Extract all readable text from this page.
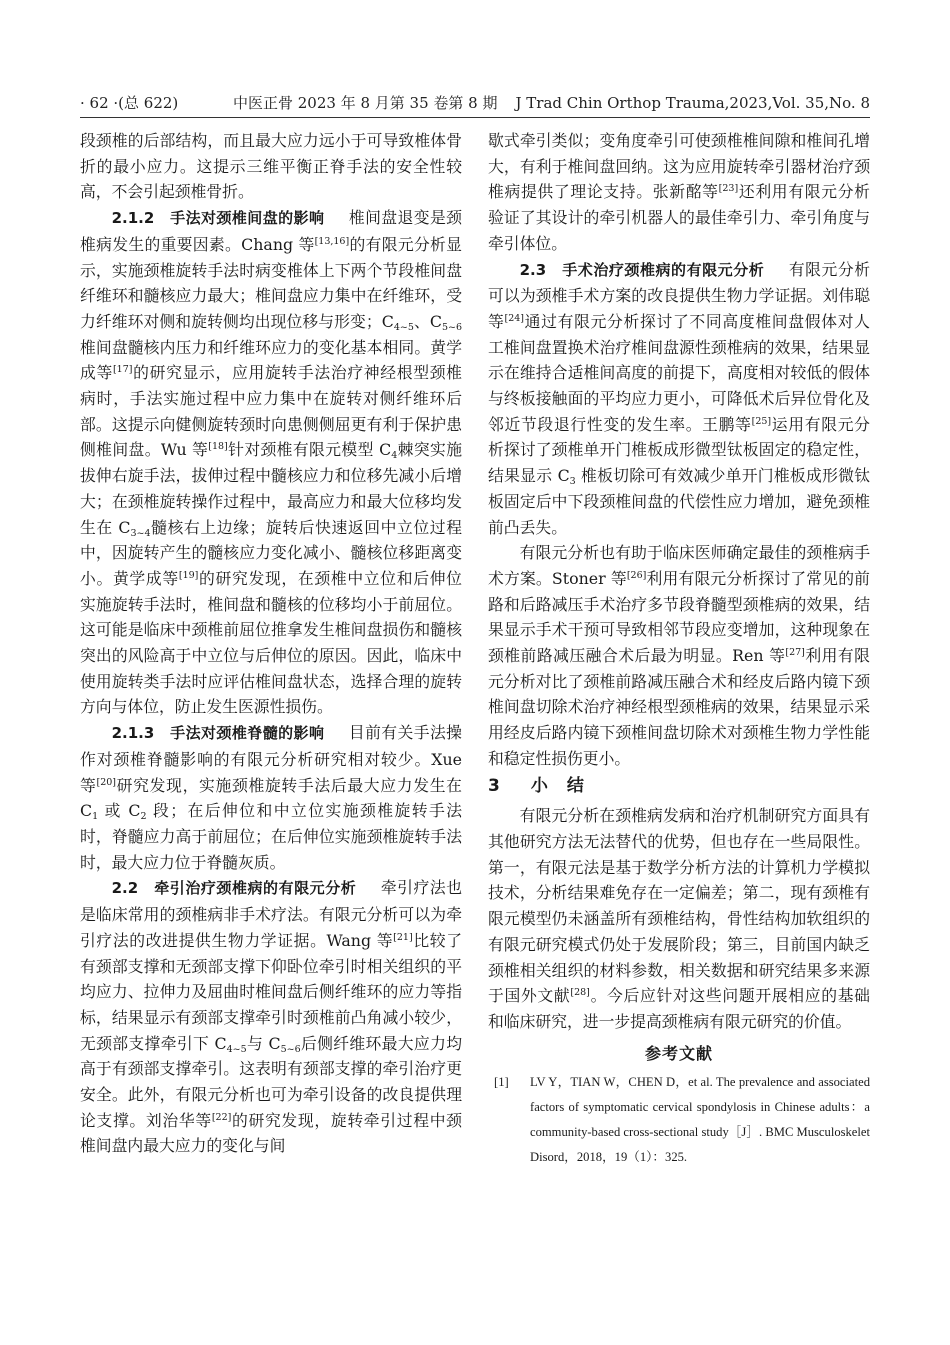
· 62 ·(总 622)	中医正骨 2023 年 8 月第 35 卷第 8 期 J Trad Chin Orthop Trauma,2023,Vol. 35,No. 8

段颈椎的后部结构，而且最大应力远小于可导致椎体骨折的最小应力。这提示三维平衡正脊手法的安全性较高，不会引起颈椎骨折。

2.1.2　手法对颈椎间盘的影响 椎间盘退变是颈椎病发生的重要因素。Chang 等[13,16]的有限元分析显示，实施颈椎旋转手法时病变椎体上下两个节段椎间盘纤维环和髓核应力最大；椎间盘应力集中在纤维环，受力纤维环对侧和旋转侧均出现位移与形变；$C_{4\sim 5}$、$C_{5\sim 6}$椎间盘髓核内压力和纤维环应力的变化基本相同。黄学成等[17]的研究显示，应用旋转手法治疗神经根型颈椎病时，手法实施过程中应力集中在旋转对侧纤维环后部。这提示向健侧旋转颈时向患侧侧屈更有利于保护患侧椎间盘。Wu 等[18]针对颈椎有限元模型 $C_4$棘突实施拔伸右旋手法，拔伸过程中髓核应力和位移先减小后增大；在颈椎旋转操作过程中，最高应力和最大位移均发生在 $C_{3\sim 4}$髓核右上边缘；旋转后快速返回中立位过程中，因旋转产生的髓核应力变化减小、髓核位移距离变小。黄学成等[19]的研究发现，在颈椎中立位和后伸位实施旋转手法时，椎间盘和髓核的位移均小于前屈位。这可能是临床中颈椎前屈位推拿发生椎间盘损伤和髓核突出的风险高于中立位与后伸位的原因。因此，临床中使用旋转类手法时应评估椎间盘状态，选择合理的旋转方向与体位，防止发生医源性损伤。

2.1.3　手法对颈椎脊髓的影响 目前有关手法操作对颈椎脊髓影响的有限元分析研究相对较少。Xue 等[20]研究发现，实施颈椎旋转手法后最大应力发生在 $C_1$ 或 $C_2$ 段；在后伸位和中立位实施颈椎旋转手法时，脊髓应力高于前屈位；在后伸位实施颈椎旋转手法时，最大应力位于脊髓灰质。

2.2　牵引治疗颈椎病的有限元分析 牵引疗法也是临床常用的颈椎病非手术疗法。有限元分析可以为牵引疗法的改进提供生物力学证据。Wang 等[21]比较了有颈部支撑和无颈部支撑下仰卧位牵引时相关组织的平均应力、拉伸力及屈曲时椎间盘后侧纤维环的应力等指标，结果显示有颈部支撑牵引时颈椎前凸角减小较少，无颈部支撑牵引下 $C_{4\sim 5}$与 $C_{5\sim 6}$后侧纤维环最大应力均高于有颈部支撑牵引。这表明有颈部支撑的牵引治疗更安全。此外，有限元分析也可为牵引设备的改良提供理论支撑。刘治华等[22]的研究发现，旋转牵引过程中颈椎间盘内最大应力的变化与间

歇式牵引类似；变角度牵引可使颈椎椎间隙和椎间孔增大，有利于椎间盘回纳。这为应用旋转牵引器材治疗颈椎病提供了理论支持。张新酩等[23]还利用有限元分析验证了其设计的牵引机器人的最佳牵引力、牵引角度与牵引体位。

2.3　手术治疗颈椎病的有限元分析 有限元分析可以为颈椎手术方案的改良提供生物力学证据。刘伟聪等[24]通过有限元分析探讨了不同高度椎间盘假体对人工椎间盘置换术治疗椎间盘源性颈椎病的效果，结果显示在维持合适椎间高度的前提下，高度相对较低的假体与终板接触面的平均应力更小，可降低术后异位骨化及邻近节段退行性变的发生率。王鹏等[25]运用有限元分析探讨了颈椎单开门椎板成形微型钛板固定的稳定性，结果显示 $C_3$ 椎板切除可有效减少单开门椎板成形微钛板固定后中下段颈椎间盘的代偿性应力增加，避免颈椎前凸丢失。

有限元分析也有助于临床医师确定最佳的颈椎病手术方案。Stoner 等[26]利用有限元分析探讨了常见的前路和后路减压手术治疗多节段脊髓型颈椎病的效果，结果显示手术干预可导致相邻节段应变增加，这种现象在颈椎前路减压融合术后最为明显。Ren 等[27]利用有限元分析对比了颈椎前路减压融合术和经皮后路内镜下颈椎间盘切除术治疗神经根型颈椎病的效果，结果显示采用经皮后路内镜下颈椎间盘切除术对颈椎生物力学性能和稳定性损伤更小。

3 小　结

有限元分析在颈椎病发病和治疗机制研究方面具有其他研究方法无法替代的优势，但也存在一些局限性。第一，有限元法是基于数学分析方法的计算机力学模拟技术，分析结果难免存在一定偏差；第二，现有颈椎有限元模型仍未涵盖所有颈椎结构，骨性结构加软组织的有限元研究模式仍处于发展阶段；第三，目前国内缺乏颈椎相关组织的材料参数，相关数据和研究结果多来源于国外文献[28]。今后应针对这些问题开展相应的基础和临床研究，进一步提高颈椎病有限元研究的价值。

参考文献

[1] LV Y，TIAN W，CHEN D，et al. The prevalence and associated factors of symptomatic cervical spondylosis in Chinese adults：a community-based cross-sectional study［J］. BMC Musculoskelet Disord，2018，19（1）：325.
